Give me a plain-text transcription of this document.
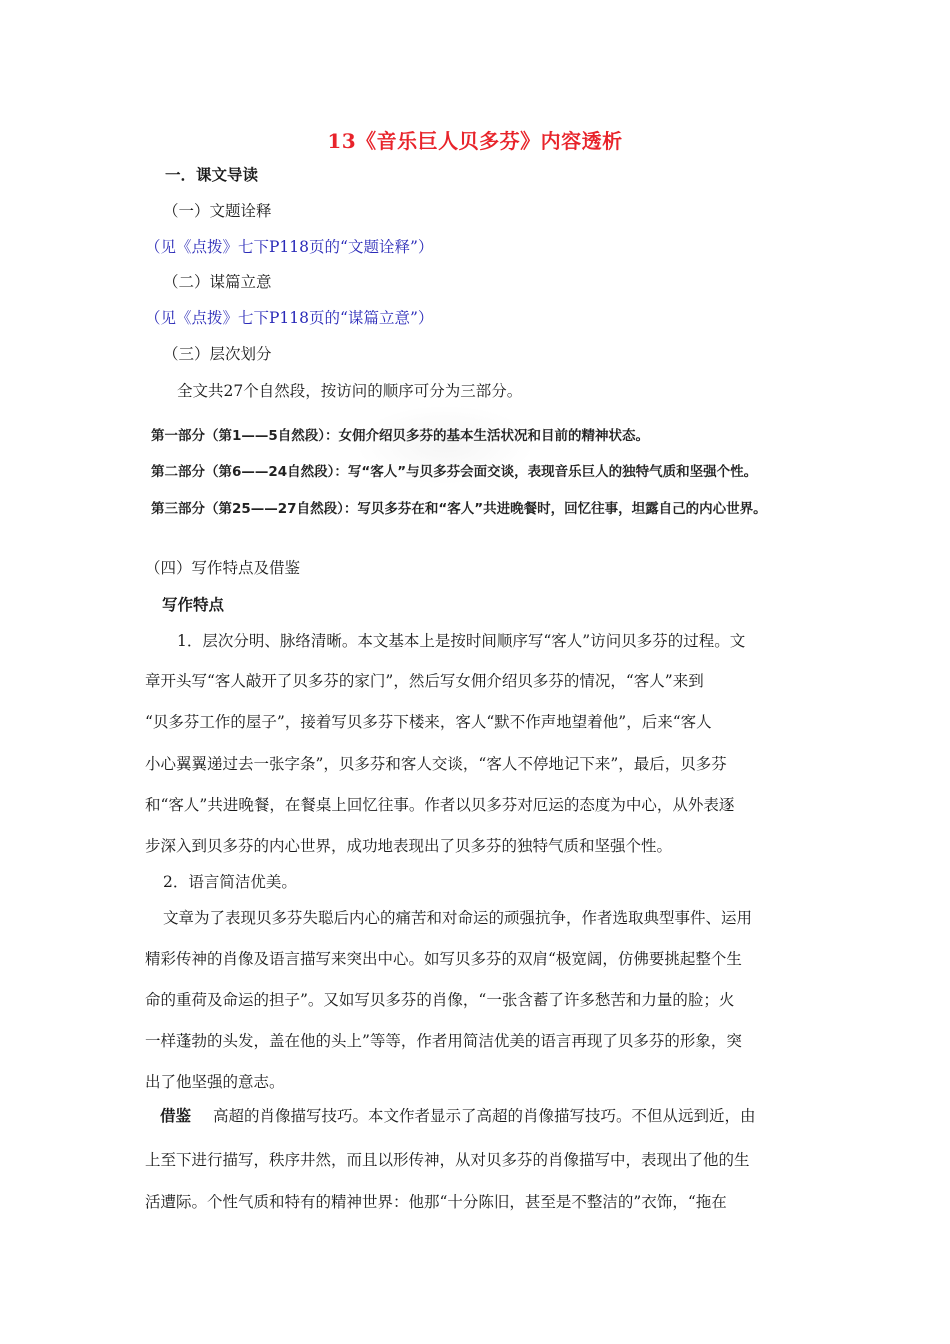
13《音乐巨人贝多芬》内容透析
一．课文导读
（一）文题诠释
（见《点拨》七下P118页的“文题诠释”）
（二）谋篇立意
（见《点拨》七下P118页的“谋篇立意”）
（三）层次划分
全文共27个自然段，按访问的顺序可分为三部分。
第一部分（第1——5自然段）：女佣介绍贝多芬的基本生活状况和目前的精神状态。
第二部分（第6——24自然段）：写“客人”与贝多芬会面交谈，表现音乐巨人的独特气质和坚强个性。
第三部分（第25——27自然段）：写贝多芬在和“客人”共进晚餐时，回忆往事，坦露自己的内心世界。
（四）写作特点及借鉴
写作特点
1．层次分明、脉络清晰。本文基本上是按时间顺序写“客人”访问贝多芬的过程。文
章开头写“客人敲开了贝多芬的家门”，然后写女佣介绍贝多芬的情况，“客人”来到
“贝多芬工作的屋子”，接着写贝多芬下楼来，客人“默不作声地望着他”，后来“客人
小心翼翼递过去一张字条”，贝多芬和客人交谈，“客人不停地记下来”，最后，贝多芬
和“客人”共进晚餐，在餐桌上回忆往事。作者以贝多芬对厄运的态度为中心，从外表逐
步深入到贝多芬的内心世界，成功地表现出了贝多芬的独特气质和坚强个性。
2．语言简洁优美。
文章为了表现贝多芬失聪后内心的痛苦和对命运的顽强抗争，作者选取典型事件、运用
精彩传神的肖像及语言描写来突出中心。如写贝多芬的双肩“极宽阔，仿佛要挑起整个生
命的重荷及命运的担子”。又如写贝多芬的肖像，“一张含蓄了许多愁苦和力量的脸；火
一样蓬勃的头发，盖在他的头上”等等，作者用简洁优美的语言再现了贝多芬的形象，突
出了他坚强的意志。
借鉴 高超的肖像描写技巧。本文作者显示了高超的肖像描写技巧。不但从远到近，由
上至下进行描写，秩序井然，而且以形传神，从对贝多芬的肖像描写中，表现出了他的生
活遭际。个性气质和特有的精神世界：他那“十分陈旧，甚至是不整洁的”衣饰，“拖在
